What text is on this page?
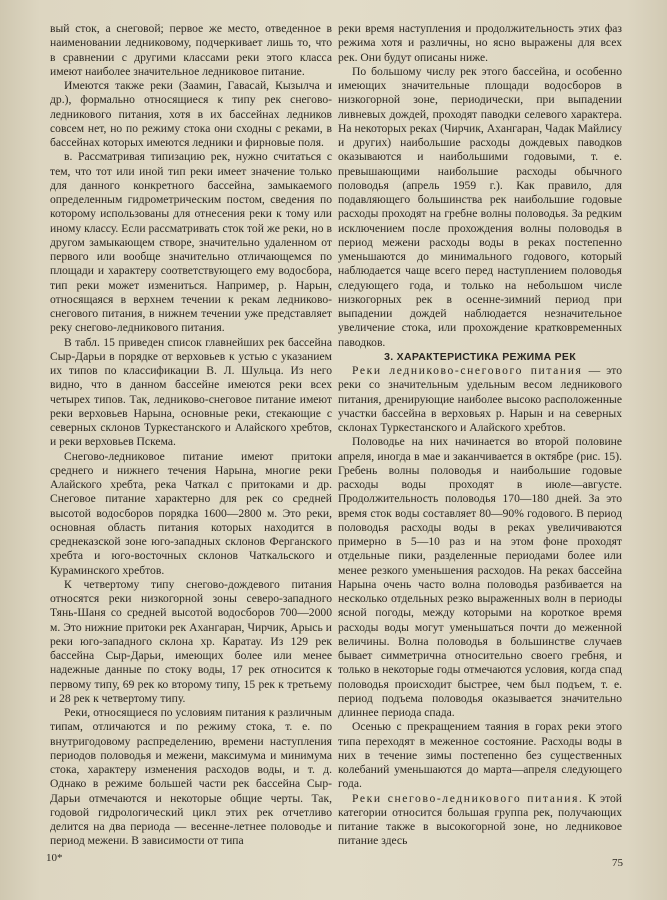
вый сток, а снеговой; первое же место, отведенное в наименовании ледниковому, подчеркивает лишь то, что в сравнении с другими классами реки этого класса имеют наиболее значительное ледниковое питание.

Имеются также реки (Заамин, Гавасай, Кызылча и др.), формально относящиеся к типу рек снегово-ледникового питания, хотя в их бассейнах ледников совсем нет, но по режиму стока они сходны с реками, в бассейнах которых имеются ледники и фирновые поля.

в. Рассматривая типизацию рек, нужно считаться с тем, что тот или иной тип реки имеет значение только для данного конкретного бассейна, замыкаемого определенным гидрометрическим постом, сведения по которому использованы для отнесения реки к тому или иному классу. Если рассматривать сток той же реки, но в другом замыкающем створе, значительно удаленном от первого или вообще значительно отличающемся по площади и характеру соответствующего ему водосбора, тип реки может измениться. Например, р. Нарын, относящаяся в верхнем течении к рекам ледниково-снегового питания, в нижнем течении уже представляет реку снегово-ледникового питания.

В табл. 15 приведен список главнейших рек бассейна Сыр-Дарьи в порядке от верховьев к устью с указанием их типов по классификации В. Л. Шульца. Из него видно, что в данном бассейне имеются реки всех четырех типов. Так, ледниково-снеговое питание имеют реки верховьев Нарына, основные реки, стекающие с северных склонов Туркестанского и Алайского хребтов, и реки верховьев Пскема.

Снегово-ледниковое питание имеют притоки среднего и нижнего течения Нарына, многие реки Алайского хребта, река Чаткал с притоками и др. Снеговое питание характерно для рек со средней высотой водосборов порядка 1600—2800 м. Это реки, основная область питания которых находится в среднеказской зоне юго-западных склонов Ферганского хребта и юго-восточных склонов Чаткальского и Кураминского хребтов.

К четвертому типу снегово-дождевого питания относятся реки низкогорной зоны северо-западного Тянь-Шаня со средней высотой водосборов 700—2000 м. Это нижние притоки рек Ахангаран, Чирчик, Арысь и реки юго-западного склона хр. Каратау. Из 129 рек бассейна Сыр-Дарьи, имеющих более или менее надежные данные по стоку воды, 17 рек относится к первому типу, 69 рек ко второму типу, 15 рек к третьему и 28 рек к четвертому типу.

Реки, относящиеся по условиям питания к различным типам, отличаются и по режиму стока, т. е. по внутригодовому распределению, времени наступления периодов половодья и межени, максимума и минимума стока, характеру изменения расходов воды, и т. д. Однако в режиме большей части рек бассейна Сыр-Дарьи отмечаются и некоторые общие черты. Так, годовой гидрологический цикл этих рек отчетливо делится на два периода — весенне-летнее половодье и период межени. В зависимости от типа

реки время наступления и продолжительность этих фаз режима хотя и различны, но ясно выражены для всех рек. Они будут описаны ниже.

По большому числу рек этого бассейна, и особенно имеющих значительные площади водосборов в низкогорной зоне, периодически, при выпадении ливневых дождей, проходят паводки селевого характера. На некоторых реках (Чирчик, Ахангаран, Чадак Майлису и других) наибольшие расходы дождевых паводков оказываются и наибольшими годовыми, т. е. превышающими наибольшие расходы обычного половодья (апрель 1959 г.). Как правило, для подавляющего большинства рек наибольшие годовые расходы проходят на гребне волны половодья. За редким исключением после прохождения волны половодья в период межени расходы воды в реках постепенно уменьшаются до минимального годового, который наблюдается чаще всего перед наступлением половодья следующего года, и только на небольшом числе низкогорных рек в осенне-зимний период при выпадении дождей наблюдается незначительное увеличение стока, или прохождение кратковременных паводков.

3. ХАРАКТЕРИСТИКА РЕЖИМА РЕК

Реки ледниково-снегового питания — это реки со значительным удельным весом ледникового питания, дренирующие наиболее высоко расположенные участки бассейна в верховьях р. Нарын и на северных склонах Туркестанского и Алайского хребтов.

Половодье на них начинается во второй половине апреля, иногда в мае и заканчивается в октябре (рис. 15). Гребень волны половодья и наибольшие годовые расходы воды проходят в июле—августе. Продолжительность половодья 170—180 дней. За это время сток воды составляет 80—90% годового. В период половодья расходы воды в реках увеличиваются примерно в 5—10 раз и на этом фоне проходят отдельные пики, разделенные периодами более или менее резкого уменьшения расходов. На реках бассейна Нарына очень часто волна половодья разбивается на несколько отдельных резко выраженных волн в периоды ясной погоды, между которыми на короткое время расходы воды могут уменьшаться почти до меженной величины. Волна половодья в большинстве случаев бывает симметрична относительно своего гребня, и только в некоторые годы отмечаются условия, когда спад половодья происходит быстрее, чем был подъем, т. е. период подъема половодья оказывается значительно длиннее периода спада.

Осенью с прекращением таяния в горах реки этого типа переходят в меженное состояние. Расходы воды в них в течение зимы постепенно без существенных колебаний уменьшаются до марта—апреля следующего года.

Реки снегово-ледникового питания. К этой категории относится большая группа рек, получающих питание также в высокогорной зоне, но ледниковое питание здесь

10*	75
